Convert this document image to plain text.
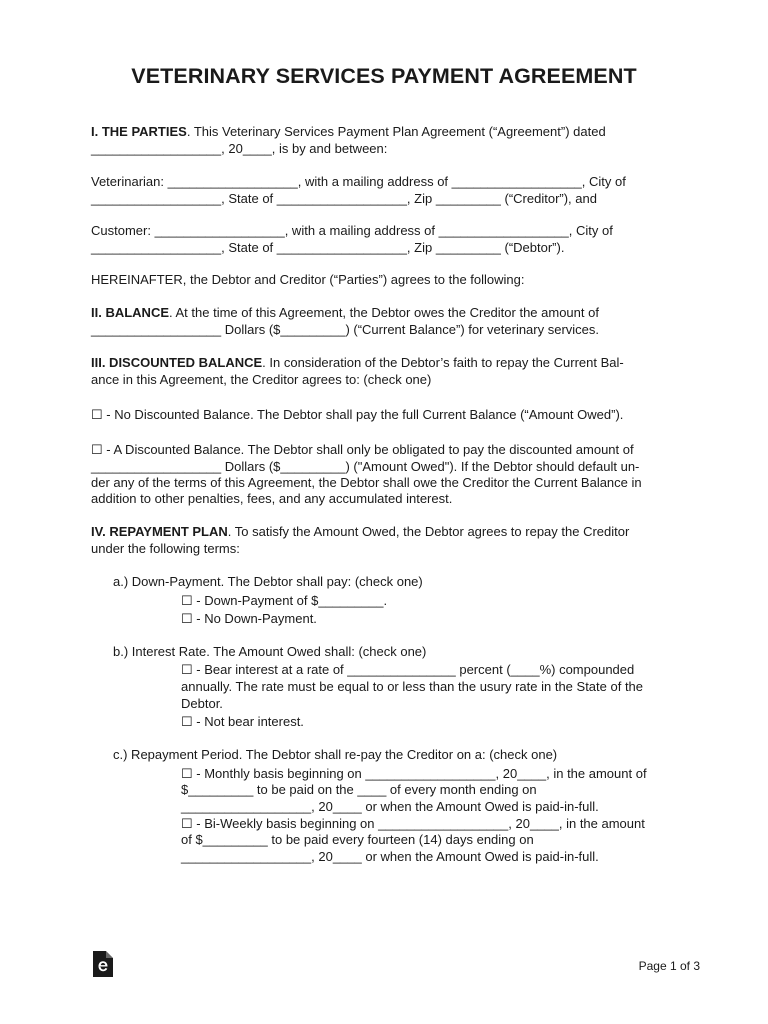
VETERINARY SERVICES PAYMENT AGREEMENT

I. THE PARTIES. This Veterinary Services Payment Plan Agreement (“Agreement”) dated

__________________, 20____, is by and between:

Veterinarian: __________________, with a mailing address of __________________, City of

__________________, State of __________________, Zip _________ (“Creditor”), and

Customer: __________________, with a mailing address of __________________, City of

__________________, State of __________________, Zip _________ (“Debtor”).

HEREINAFTER, the Debtor and Creditor (“Parties”) agrees to the following:

II. BALANCE. At the time of this Agreement, the Debtor owes the Creditor the amount of

__________________ Dollars ($_________) (“Current Balance”) for veterinary services.

III. DISCOUNTED BALANCE. In consideration of the Debtor’s faith to repay the Current Bal-

ance in this Agreement, the Creditor agrees to: (check one)

☐ - No Discounted Balance. The Debtor shall pay the full Current Balance (“Amount Owed”).

☐ - A Discounted Balance. The Debtor shall only be obligated to pay the discounted amount of

__________________ Dollars ($_________) ("Amount Owed"). If the Debtor should default un-

der any of the terms of this Agreement, the Debtor shall owe the Creditor the Current Balance in

addition to other penalties, fees, and any accumulated interest.

IV. REPAYMENT PLAN. To satisfy the Amount Owed, the Debtor agrees to repay the Creditor

under the following terms:

a.) Down-Payment. The Debtor shall pay: (check one)

☐ - Down-Payment of $_________.

☐ - No Down-Payment.

b.) Interest Rate. The Amount Owed shall: (check one)

☐ - Bear interest at a rate of _______________ percent (____%) compounded

annually. The rate must be equal to or less than the usury rate in the State of the

Debtor.

☐ - Not bear interest.

c.) Repayment Period. The Debtor shall re-pay the Creditor on a: (check one)

☐ - Monthly basis beginning on __________________, 20____, in the amount of

$_________ to be paid on the ____ of every month ending on

__________________, 20____ or when the Amount Owed is paid-in-full.

☐ - Bi-Weekly basis beginning on __________________, 20____, in the amount

of $_________ to be paid every fourteen (14) days ending on

__________________, 20____ or when the Amount Owed is paid-in-full.

Page 1 of 3
